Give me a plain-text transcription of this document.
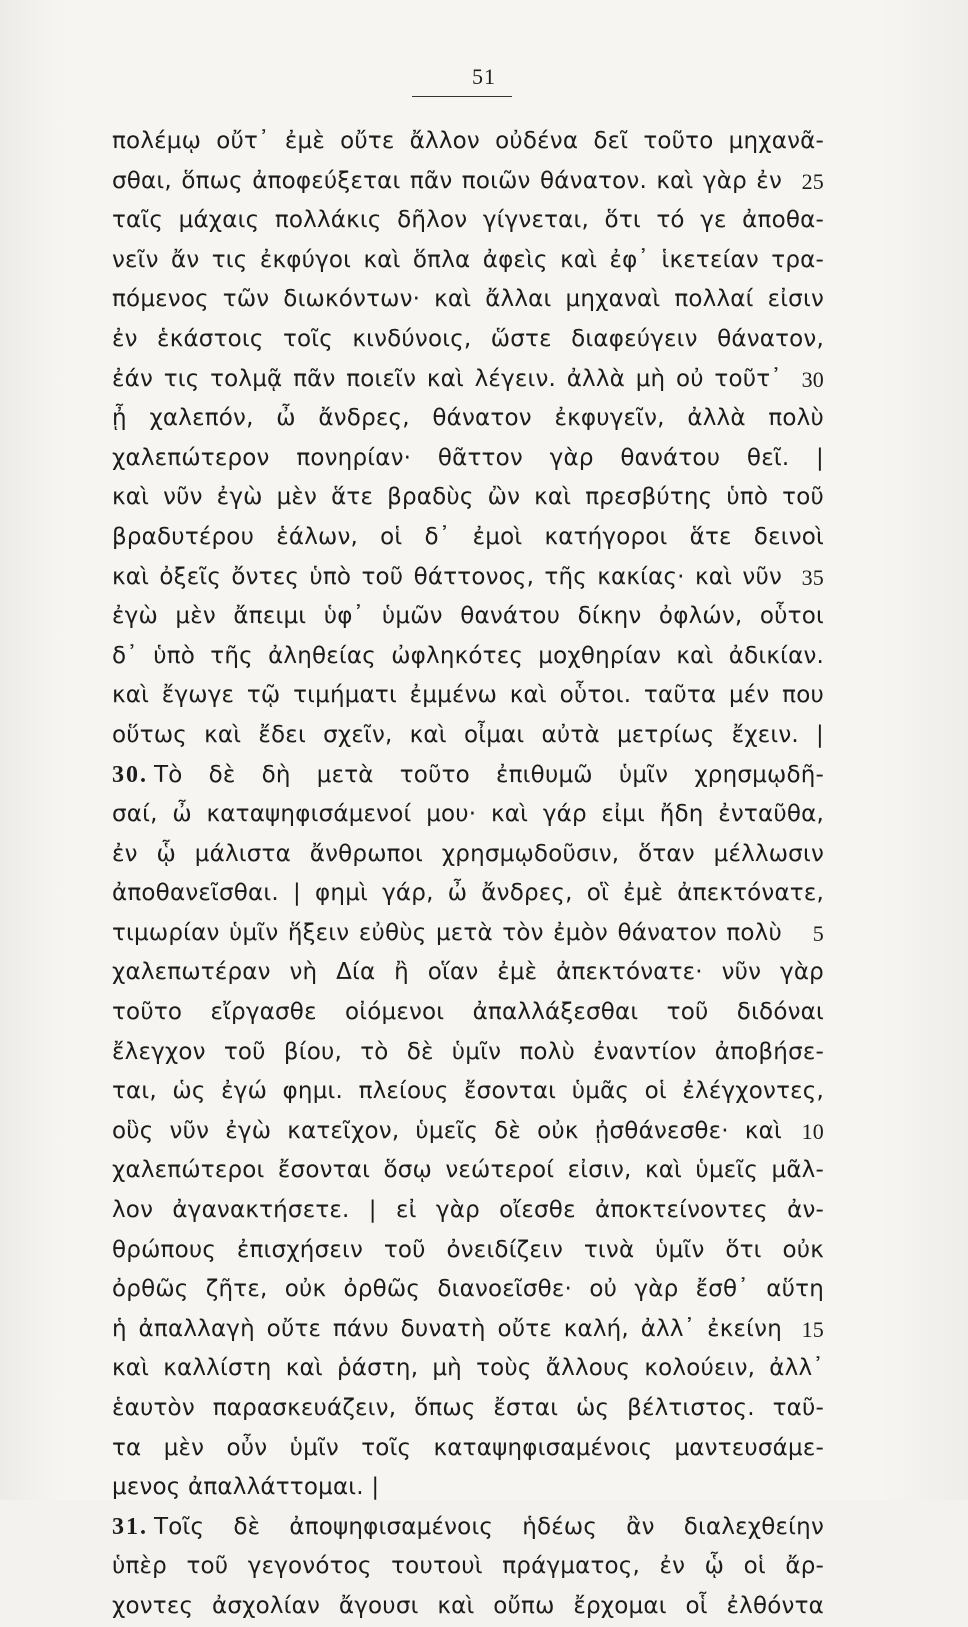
51
πολέμῳ οὔτ᾽ ἐμὲ οὔτε ἄλλον οὐδένα δεῖ τοῦτο μηχανᾶ-
σθαι, ὅπως ἀποφεύξεται πᾶν ποιῶν θάνατον. καὶ γὰρ ἐν 25
ταῖς μάχαις πολλάκις δῆλον γίγνεται, ὅτι τό γε ἀποθα-
νεῖν ἄν τις ἐκφύγοι καὶ ὅπλα ἀφεὶς καὶ ἐφ᾽ ἱκετείαν τρα-
πόμενος τῶν διωκόντων· καὶ ἄλλαι μηχαναὶ πολλαί εἰσιν
ἐν ἑκάστοις τοῖς κινδύνοις, ὥστε διαφεύγειν θάνατον,
ἐάν τις τολμᾷ πᾶν ποιεῖν καὶ λέγειν. ἀλλὰ μὴ οὐ τοῦτ᾽ 30
ᾖ χαλεπόν, ὦ ἄνδρες, θάνατον ἐκφυγεῖν, ἀλλὰ πολὺ
χαλεπώτερον πονηρίαν· θᾶττον γὰρ θανάτου θεῖ. |
καὶ νῦν ἐγὼ μὲν ἅτε βραδὺς ὢν καὶ πρεσβύτης ὑπὸ τοῦ
βραδυτέρου ἑάλων, οἱ δ᾽ ἐμοὶ κατήγοροι ἅτε δεινοὶ
καὶ ὀξεῖς ὄντες ὑπὸ τοῦ θάττονος, τῆς κακίας· καὶ νῦν 35
ἐγὼ μὲν ἄπειμι ὑφ᾽ ὑμῶν θανάτου δίκην ὀφλών, οὗτοι
δ᾽ ὑπὸ τῆς ἀληθείας ὠφληκότες μοχθηρίαν καὶ ἀδικίαν.
καὶ ἔγωγε τῷ τιμήματι ἐμμένω καὶ οὗτοι. ταῦτα μέν που
οὕτως καὶ ἔδει σχεῖν, καὶ οἶμαι αὐτὰ μετρίως ἔχειν. |
30. Τὸ δὲ δὴ μετὰ τοῦτο ἐπιθυμῶ ὑμῖν χρησμῳδῆ-
σαί, ὦ καταψηφισάμενοί μου· καὶ γάρ εἰμι ἤδη ἐνταῦθα,
ἐν ᾧ μάλιστα ἄνθρωποι χρησμῳδοῦσιν, ὅταν μέλλωσιν
ἀποθανεῖσθαι. | φημὶ γάρ, ὦ ἄνδρες, οἳ ἐμὲ ἀπεκτόνατε,
τιμωρίαν ὑμῖν ἥξειν εὐθὺς μετὰ τὸν ἐμὸν θάνατον πολὺ 5
χαλεπωτέραν νὴ Δία ἢ οἵαν ἐμὲ ἀπεκτόνατε· νῦν γὰρ
τοῦτο εἴργασθε οἰόμενοι ἀπαλλάξεσθαι τοῦ διδόναι
ἔλεγχον τοῦ βίου, τὸ δὲ ὑμῖν πολὺ ἐναντίον ἀποβήσε-
ται, ὡς ἐγώ φημι. πλείους ἔσονται ὑμᾶς οἱ ἐλέγχοντες,
οὓς νῦν ἐγὼ κατεῖχον, ὑμεῖς δὲ οὐκ ᾐσθάνεσθε· καὶ 10
χαλεπώτεροι ἔσονται ὅσῳ νεώτεροί εἰσιν, καὶ ὑμεῖς μᾶλ-
λον ἀγανακτήσετε. | εἰ γὰρ οἴεσθε ἀποκτείνοντες ἀν-
θρώπους ἐπισχήσειν τοῦ ὀνειδίζειν τινὰ ὑμῖν ὅτι οὐκ
ὀρθῶς ζῆτε, οὐκ ὀρθῶς διανοεῖσθε· οὐ γὰρ ἔσθ᾽ αὕτη
ἡ ἀπαλλαγὴ οὔτε πάνυ δυνατὴ οὔτε καλή, ἀλλ᾽ ἐκείνη 15
καὶ καλλίστη καὶ ῥάστη, μὴ τοὺς ἄλλους κολούειν, ἀλλ᾽
ἑαυτὸν παρασκευάζειν, ὅπως ἔσται ὡς βέλτιστος. ταῦ-
τα μὲν οὖν ὑμῖν τοῖς καταψηφισαμένοις μαντευσάμε-
μενος ἀπαλλάττομαι. |
31. Τοῖς δὲ ἀποψηφισαμένοις ἡδέως ἂν διαλεχθείην
ὑπὲρ τοῦ γεγονότος τουτουὶ πράγματος, ἐν ᾧ οἱ ἄρ-
χοντες ἀσχολίαν ἄγουσι καὶ οὔπω ἔρχομαι οἷ ἐλθόντα
